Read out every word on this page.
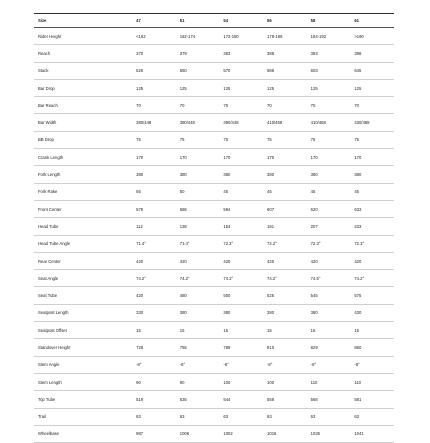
Size	47	51	54	56	58	61
Rider Height	<162	162-174	172-180	178-186	184-192	>190
Reach	370	379	383	388	393	398
Stack	526	550	570	586	603	645
Bar Drop	125	125	125	125	125	125
Bar Reach	70	70	70	70	70	70
Bar Width	380/448	380/448	390/448	410/468	410/468	430/488
BB Drop	75	75	75	75	75	75
Crank Length	170	170	170	170	170	170
Fork Length	380	380	380	380	380	380
Fork Rake	55	50	45	45	45	45
Front Center	579	586	594	607	620	633
Head Tube	112	138	154	181	207	233
Head Tube Angle	71.4°	71.4°	72.2°	72.2°	72.3°	72.3°
Rear Center	420	420	420	420	420	420
Seat Angle	74.2°	74.2°	74.2°	74.2°	74.5°	74.2°
Seat Tube	420	480	500	525	545	575
Seatpost Length	330	380	380	380	380	430
Seatpost Offset	15	15	15	15	15	15
Standover Height	728	755	788	810	829	860
Stem Angle	-8°	-8°	-8°	-8°	-8°	-8°
Stem Length	90	90	100	100	110	110
Top Tube	519	535	544	558	568	581
Trail	63	63	63	63	63	63
Wheelbase	987	1006	1002	1016	1025	1041
